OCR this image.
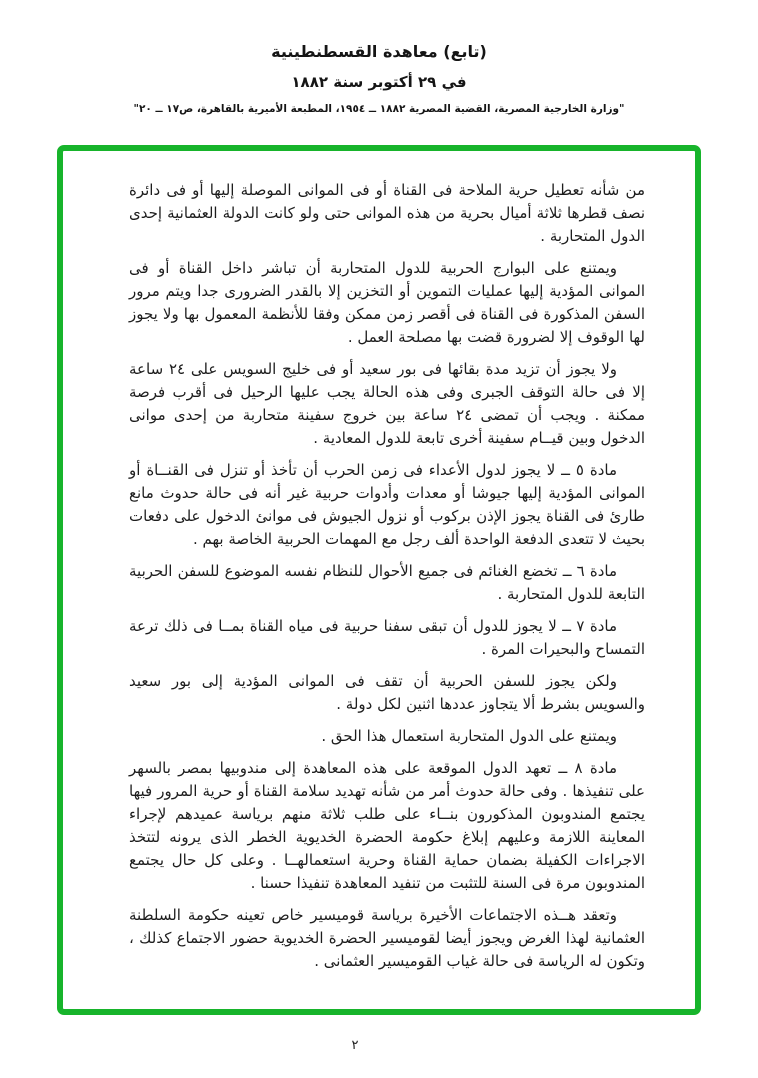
(تابع) معاهدة القسطنطينية
في ٢٩ أكتوبر سنة ١٨٨٢
"وزارة الخارجية المصرية، القضية المصرية ١٨٨٢ ــ ١٩٥٤، المطبعة الأميرية بالقاهرة، ص١٧ ــ ٢٠"

من شأنه تعطيل حرية الملاحة فى القناة أو فى الموانى الموصلة إليها أو فى دائرة نصف قطرها ثلاثة أميال بحرية من هذه الموانى حتى ولو كانت الدولة العثمانية إحدى الدول المتحاربة .

ويمتنع على البوارج الحربية للدول المتحاربة أن تباشر داخل القناة أو فى الموانى المؤدية إليها عمليات التموين أو التخزين إلا بالقدر الضرورى جدا ويتم مرور السفن المذكورة فى القناة فى أقصر زمن ممكن وفقا للأنظمة المعمول بها ولا يجوز لها الوقوف إلا لضرورة قضت بها مصلحة العمل .

ولا يجوز أن تزيد مدة بقائها فى بور سعيد أو فى خليج السويس على ٢٤ ساعة إلا فى حالة التوقف الجبرى وفى هذه الحالة يجب عليها الرحيل فى أقرب فرصة ممكنة . ويجب أن تمضى ٢٤ ساعة بين خروج سفينة متحاربة من إحدى موانى الدخول وبين قيــام سفينة أخرى تابعة للدول المعادية .

مادة ٥ ــ لا يجوز لدول الأعداء فى زمن الحرب أن تأخذ أو تنزل فى القنــاة أو الموانى المؤدية إليها جيوشا أو معدات وأدوات حربية غير أنه فى حالة حدوث مانع طارئ فى القناة يجوز الإذن بركوب أو نزول الجيوش فى موانئ الدخول على دفعات بحيث لا تتعدى الدفعة الواحدة ألف رجل مع المهمات الحربية الخاصة بهم .

مادة ٦ ــ تخضع الغنائم فى جميع الأحوال للنظام نفسه الموضوع للسفن الحربية التابعة للدول المتحاربة .

مادة ٧ ــ لا يجوز للدول أن تبقى سفنا حربية فى مياه القناة بمــا فى ذلك ترعة التمساح والبحيرات المرة .

ولكن يجوز للسفن الحربية أن تقف فى الموانى المؤدية إلى بور سعيد والسويس بشرط ألا يتجاوز عددها اثنين لكل دولة .

ويمتنع على الدول المتحاربة استعمال هذا الحق .

مادة ٨ ــ تعهد الدول الموقعة على هذه المعاهدة إلى مندوبيها بمصر بالسهر على تنفيذها . وفى حالة حدوث أمر من شأنه تهديد سلامة القناة أو حرية المرور فيها يجتمع المندوبون المذكورون بنــاء على طلب ثلاثة منهم برياسة عميدهم لإجراء المعاينة اللازمة وعليهم إبلاغ حكومة الحضرة الخديوية الخطر الذى يرونه لتتخذ الاجراءات الكفيلة بضمان حماية القناة وحرية استعمالهــا . وعلى كل حال يجتمع المندوبون مرة فى السنة للتثبت من تنفيد المعاهدة تنفيذا حسنا .

وتعقد هــذه الاجتماعات الأخيرة برياسة قوميسير خاص تعينه حكومة السلطنة العثمانية لهذا الغرض ويجوز أيضا لقوميسير الحضرة الخديوية حضور الاجتماع كذلك ، وتكون له الرياسة فى حالة غياب القوميسير العثمانى .

٢
